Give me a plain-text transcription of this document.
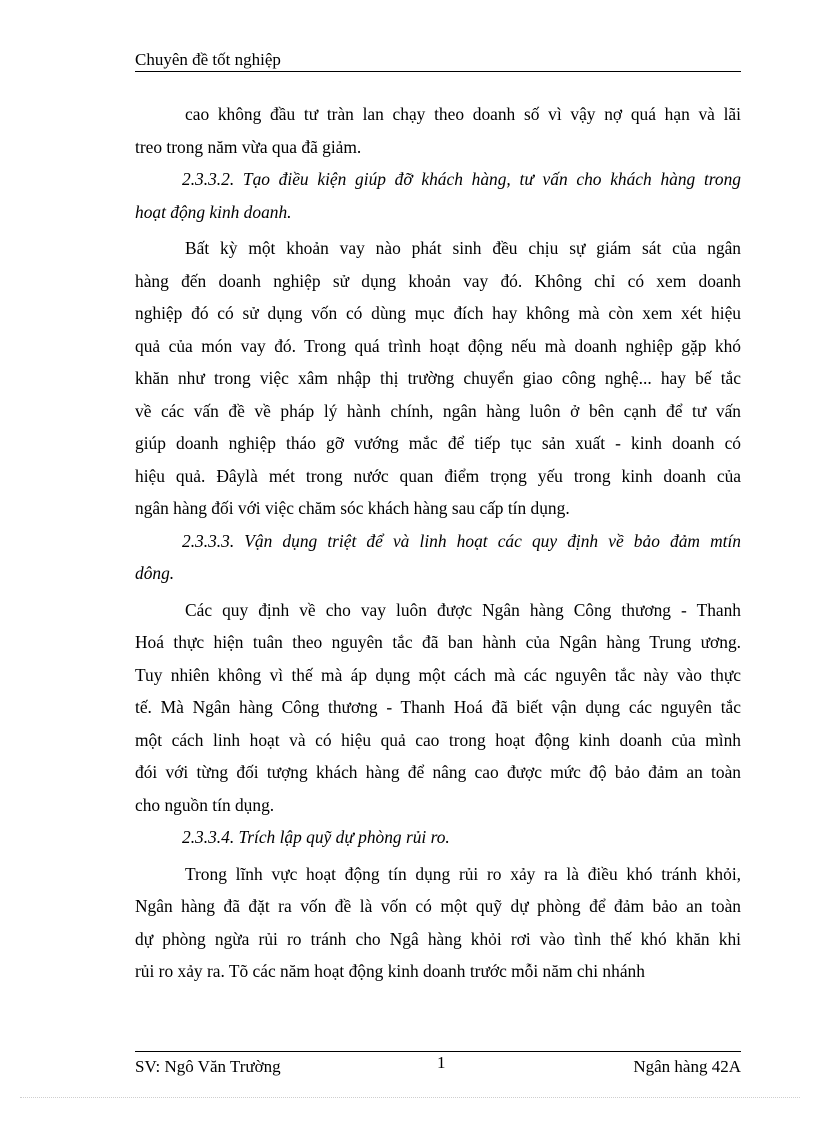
Chuyên đề tốt nghiệp
cao không đầu tư tràn lan chạy theo doanh số vì vậy nợ quá hạn và lãi
treo trong năm vừa qua đã giảm.
2.3.3.2. Tạo điều kiện giúp đỡ khách hàng, tư vấn cho khách hàng trong
hoạt động kinh doanh.
Bất kỳ một khoản vay nào phát sinh đều chịu sự giám sát của ngân
hàng đến doanh nghiệp sử dụng khoản vay đó. Không chỉ có xem doanh
nghiệp đó có sử dụng vốn có dùng mục đích hay không mà còn xem xét hiệu
quả của món vay đó. Trong quá trình hoạt động nếu mà doanh nghiệp gặp khó
khăn như trong việc xâm nhập thị trường chuyển giao công nghệ... hay bế tắc
về các vấn đề về pháp lý hành chính, ngân hàng luôn ở bên cạnh để tư vấn
giúp doanh nghiệp tháo gỡ vướng mắc để tiếp tục sản xuất - kinh doanh có
hiệu quả. Đâylà mét trong nước quan điểm trọng yếu trong kinh doanh của
ngân hàng đối với việc chăm sóc khách hàng sau cấp tín dụng.
2.3.3.3. Vận dụng triệt để và linh hoạt các quy định về bảo đảm mtín
dông.
Các quy định về cho vay luôn được Ngân hàng Công thương - Thanh
Hoá thực hiện tuân theo nguyên tắc đã ban hành của Ngân hàng Trung ương.
Tuy nhiên không vì thế mà áp dụng một cách mà các nguyên tắc này vào thực
tế. Mà Ngân hàng Công thương - Thanh Hoá đã biết vận dụng các nguyên tắc
một cách linh hoạt và có hiệu quả cao trong hoạt động kinh doanh của mình
đói với từng đối tượng khách hàng để nâng cao được mức độ bảo đảm an toàn
cho nguồn tín dụng.
2.3.3.4. Trích lập quỹ dự phòng rủi ro.
Trong lĩnh vực hoạt động tín dụng rủi ro xảy ra là điều khó tránh khỏi,
Ngân hàng đã đặt ra vốn đề là vốn có một quỹ dự phòng để đảm bảo an toàn
dự phòng ngừa rủi ro tránh cho Ngâ hàng khỏi rơi vào tình thế khó khăn khi
rủi ro xảy ra. Tõ các năm hoạt động kinh doanh trước mỗi năm chi nhánh
SV: Ngô Văn Trường	1	Ngân hàng 42A
